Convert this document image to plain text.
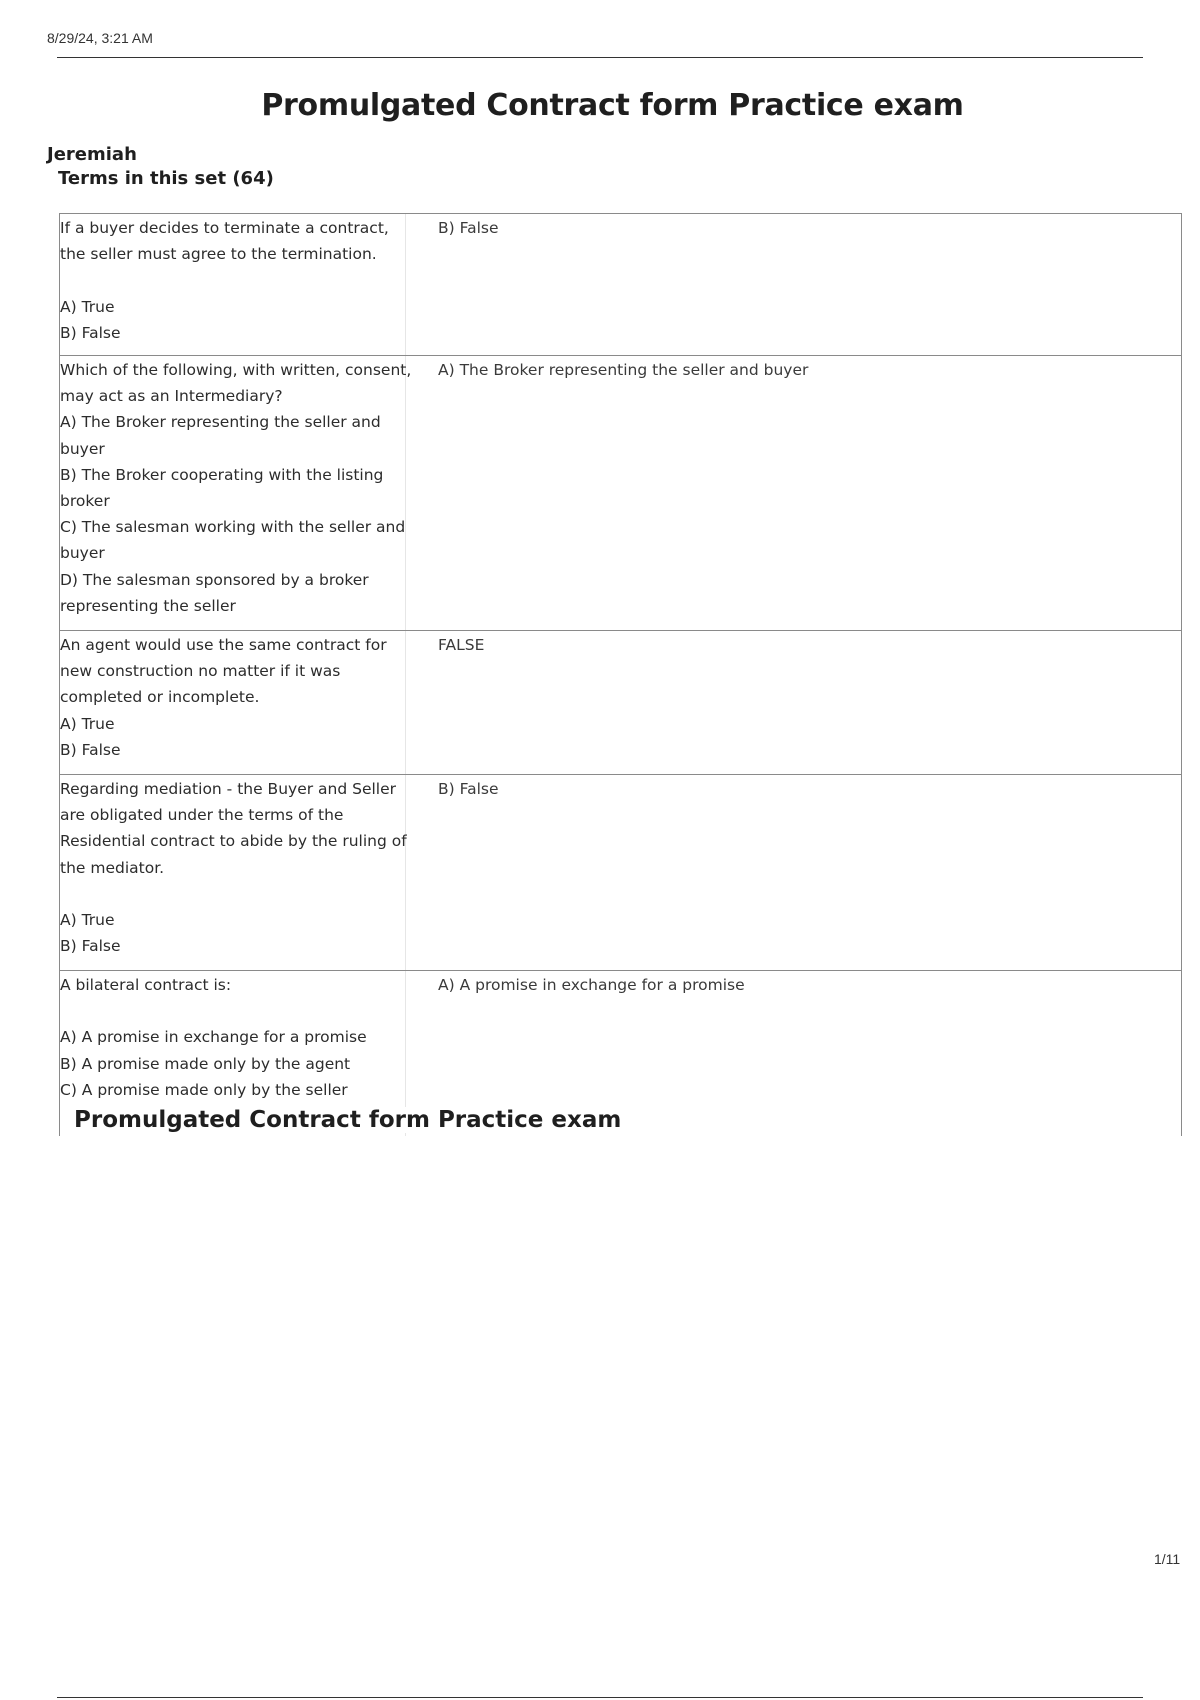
8/29/24, 3:21 AM
Promulgated Contract form Practice exam
Jeremiah
Terms in this set (64)
If a buyer decides to terminate a contract,
the seller must agree to the termination.
A) True
B) False
B) False
Which of the following, with written, consent,
may act as an Intermediary?
A) The Broker representing the seller and
buyer
B) The Broker cooperating with the listing
broker
C) The salesman working with the seller and
buyer
D) The salesman sponsored by a broker
representing the seller
A) The Broker representing the seller and buyer
An agent would use the same contract for
new construction no matter if it was
completed or incomplete.
A) True
B) False
FALSE
Regarding mediation - the Buyer and Seller
are obligated under the terms of the
Residential contract to abide by the ruling of
the mediator.
A) True
B) False
B) False
A bilateral contract is:
A) A promise in exchange for a promise
B) A promise made only by the agent
C) A promise made only by the seller
A) A promise in exchange for a promise
Promulgated Contract form Practice exam
1/11
